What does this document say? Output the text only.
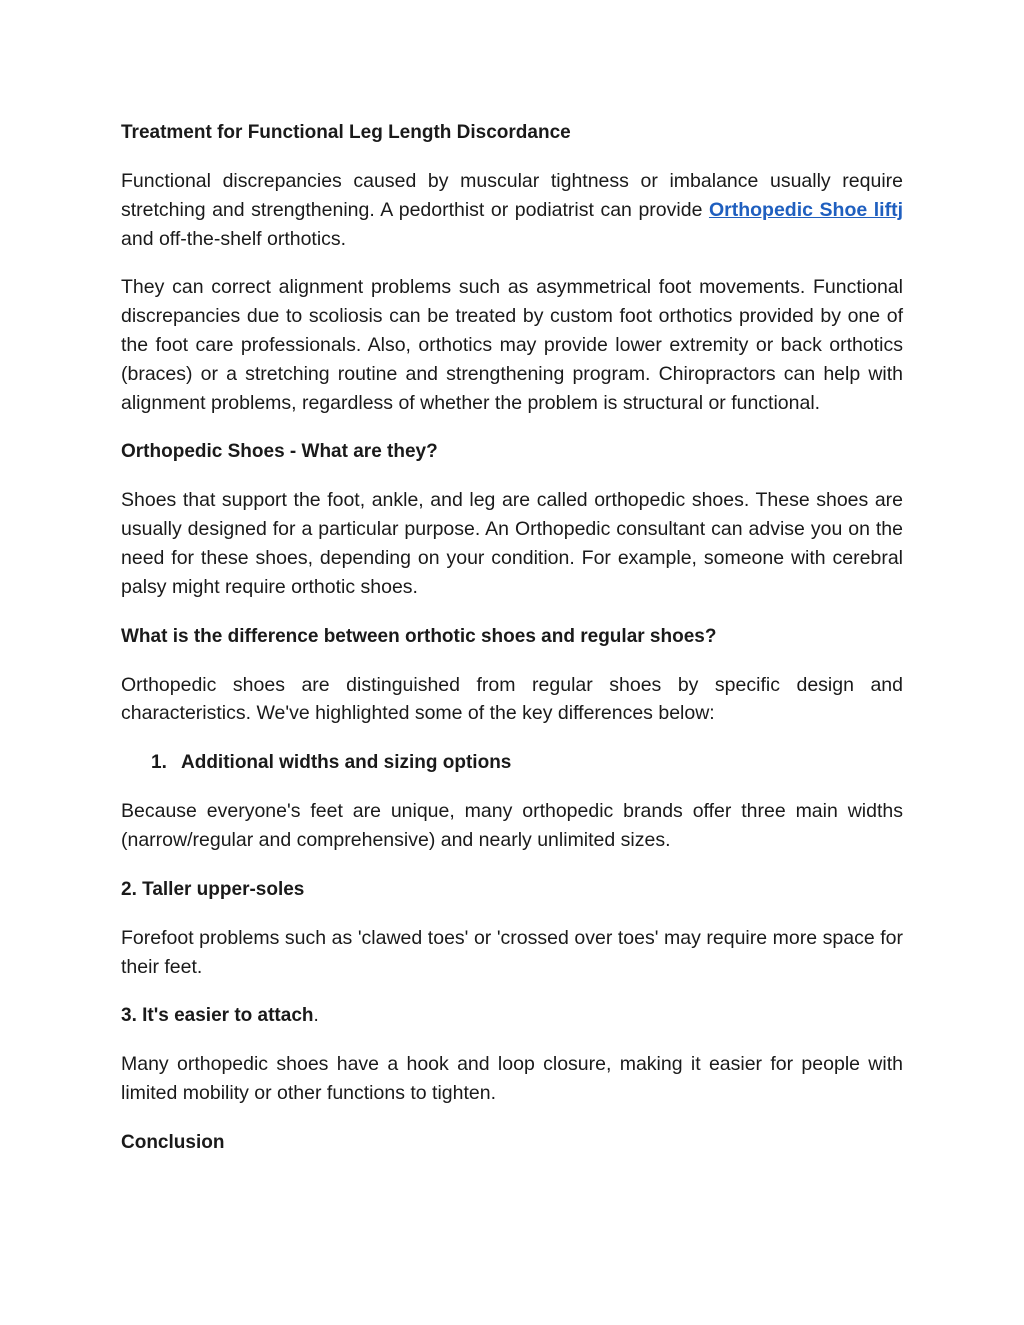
Treatment for Functional Leg Length Discordance

Functional discrepancies caused by muscular tightness or imbalance usually require stretching and strengthening. A pedorthist or podiatrist can provide Orthopedic Shoe liftj and off-the-shelf orthotics.

They can correct alignment problems such as asymmetrical foot movements. Functional discrepancies due to scoliosis can be treated by custom foot orthotics provided by one of the foot care professionals. Also, orthotics may provide lower extremity or back orthotics (braces) or a stretching routine and strengthening program. Chiropractors can help with alignment problems, regardless of whether the problem is structural or functional.

Orthopedic Shoes - What are they?

Shoes that support the foot, ankle, and leg are called orthopedic shoes. These shoes are usually designed for a particular purpose. An Orthopedic consultant can advise you on the need for these shoes, depending on your condition. For example, someone with cerebral palsy might require orthotic shoes.

What is the difference between orthotic shoes and regular shoes?

Orthopedic shoes are distinguished from regular shoes by specific design and characteristics. We've highlighted some of the key differences below:

1. Additional widths and sizing options

Because everyone's feet are unique, many orthopedic brands offer three main widths (narrow/regular and comprehensive) and nearly unlimited sizes.

2. Taller upper-soles

Forefoot problems such as 'clawed toes' or 'crossed over toes' may require more space for their feet.

3. It's easier to attach.

Many orthopedic shoes have a hook and loop closure, making it easier for people with limited mobility or other functions to tighten.

Conclusion
